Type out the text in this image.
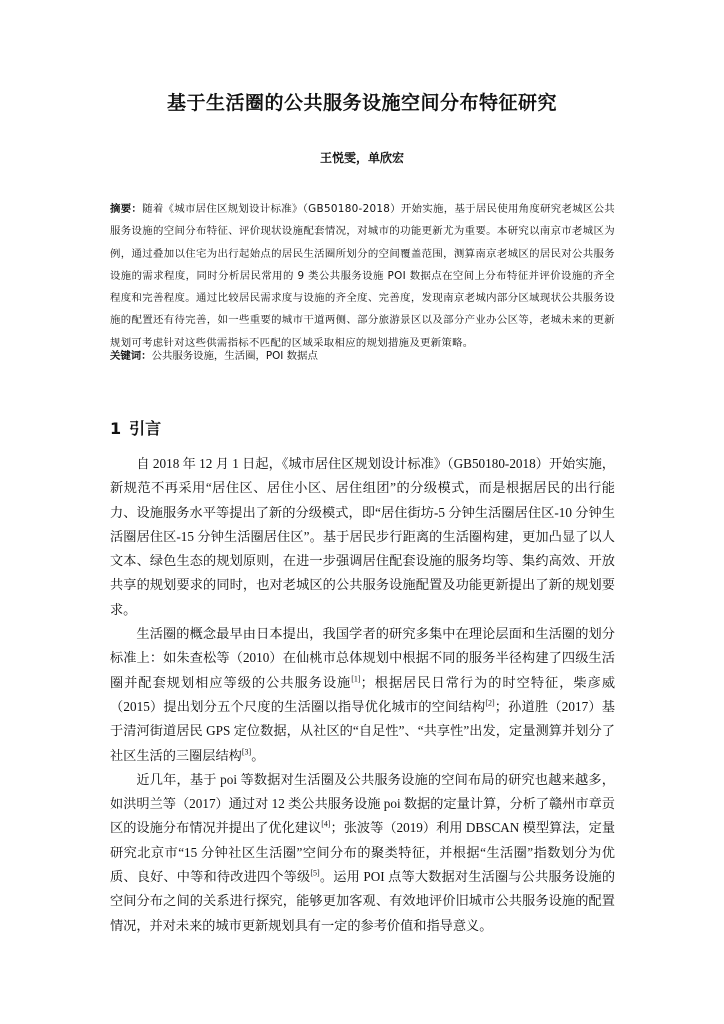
基于生活圈的公共服务设施空间分布特征研究
王悦雯，单欣宏
摘要：随着《城市居住区规划设计标准》（GB50180-2018）开始实施，基于居民使用角度研究老城区公共服务设施的空间分布特征、评价现状设施配套情况，对城市的功能更新尤为重要。本研究以南京市老城区为例，通过叠加以住宅为出行起始点的居民生活圈所划分的空间覆盖范围，测算南京老城区的居民对公共服务设施的需求程度，同时分析居民常用的 9 类公共服务设施 POI 数据点在空间上分布特征并评价设施的齐全程度和完善程度。通过比较居民需求度与设施的齐全度、完善度，发现南京老城内部分区域现状公共服务设施的配置还有待完善，如一些重要的城市干道两侧、部分旅游景区以及部分产业办公区等，老城未来的更新规划可考虑针对这些供需指标不匹配的区域采取相应的规划措施及更新策略。
关键词：公共服务设施，生活圈，POI 数据点
1 引言

自 2018 年 12 月 1 日起，《城市居住区规划设计标准》（GB50180-2018）开始实施，新规范不再采用“居住区、居住小区、居住组团”的分级模式，而是根据居民的出行能力、设施服务水平等提出了新的分级模式，即“居住街坊-5 分钟生活圈居住区-10 分钟生活圈居住区-15 分钟生活圈居住区”。基于居民步行距离的生活圈构建，更加凸显了以人文本、绿色生态的规划原则，在进一步强调居住配套设施的服务均等、集约高效、开放共享的规划要求的同时，也对老城区的公共服务设施配置及功能更新提出了新的规划要求。

生活圈的概念最早由日本提出，我国学者的研究多集中在理论层面和生活圈的划分标准上：如朱查松等（2010）在仙桃市总体规划中根据不同的服务半径构建了四级生活圈并配套规划相应等级的公共服务设施[1]；根据居民日常行为的时空特征，柴彦威（2015）提出划分五个尺度的生活圈以指导优化城市的空间结构[2]；孙道胜（2017）基于清河街道居民 GPS 定位数据，从社区的“自足性”、“共享性”出发，定量测算并划分了社区生活的三圈层结构[3]。

近几年，基于 poi 等数据对生活圈及公共服务设施的空间布局的研究也越来越多，如洪明兰等（2017）通过对 12 类公共服务设施 poi 数据的定量计算，分析了赣州市章贡区的设施分布情况并提出了优化建议[4]；张波等（2019）利用 DBSCAN 模型算法，定量研究北京市“15 分钟社区生活圈”空间分布的聚类特征，并根据“生活圈”指数划分为优质、良好、中等和待改进四个等级[5]。运用 POI 点等大数据对生活圈与公共服务设施的空间分布之间的关系进行探究，能够更加客观、有效地评价旧城市公共服务设施的配置情况，并对未来的城市更新规划具有一定的参考价值和指导意义。
